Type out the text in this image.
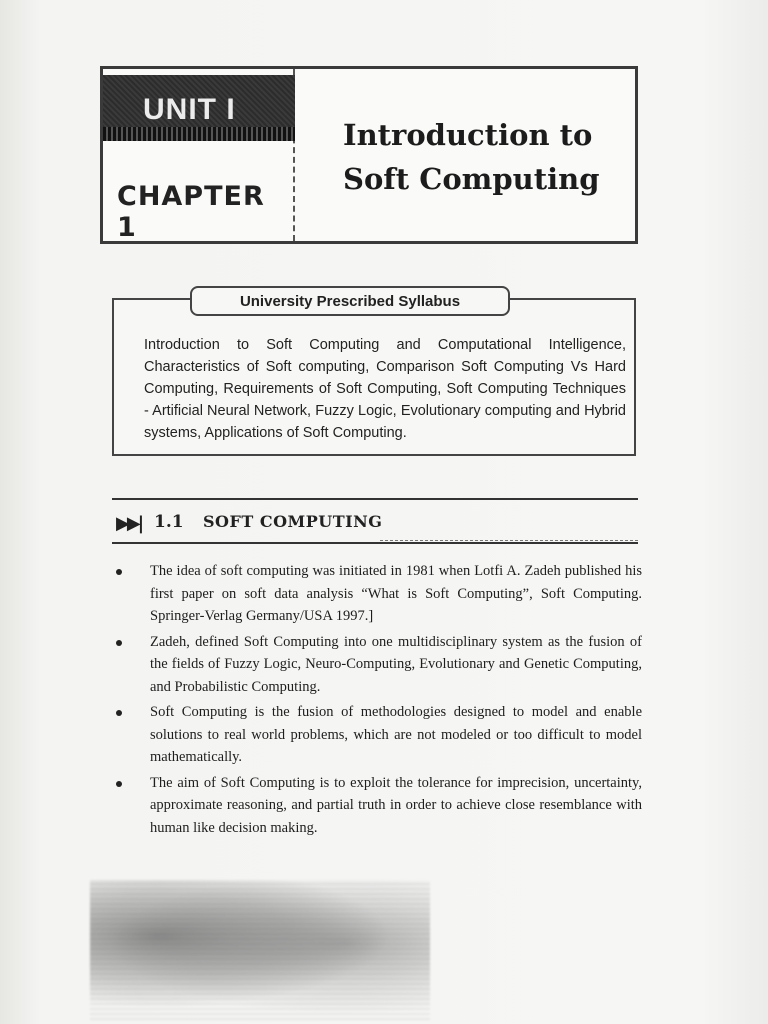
UNIT I
CHAPTER 1
Introduction to
Soft Computing
University Prescribed Syllabus
Introduction to Soft Computing and Computational Intelligence, Characteristics of Soft computing, Comparison Soft Computing Vs Hard Computing, Requirements of Soft Computing, Soft Computing Techniques - Artificial Neural Network, Fuzzy Logic, Evolutionary computing and Hybrid systems, Applications of Soft Computing.
▶▶| 1.1 SOFT COMPUTING
The idea of soft computing was initiated in 1981 when Lotfi A. Zadeh published his first paper on soft data analysis “What is Soft Computing”, Soft Computing. Springer-Verlag Germany/USA 1997.]
Zadeh, defined Soft Computing into one multidisciplinary system as the fusion of the fields of Fuzzy Logic, Neuro-Computing, Evolutionary and Genetic Computing, and Probabilistic Computing.
Soft Computing is the fusion of methodologies designed to model and enable solutions to real world problems, which are not modeled or too difficult to model mathematically.
The aim of Soft Computing is to exploit the tolerance for imprecision, uncertainty, approximate reasoning, and partial truth in order to achieve close resemblance with human like decision making.
